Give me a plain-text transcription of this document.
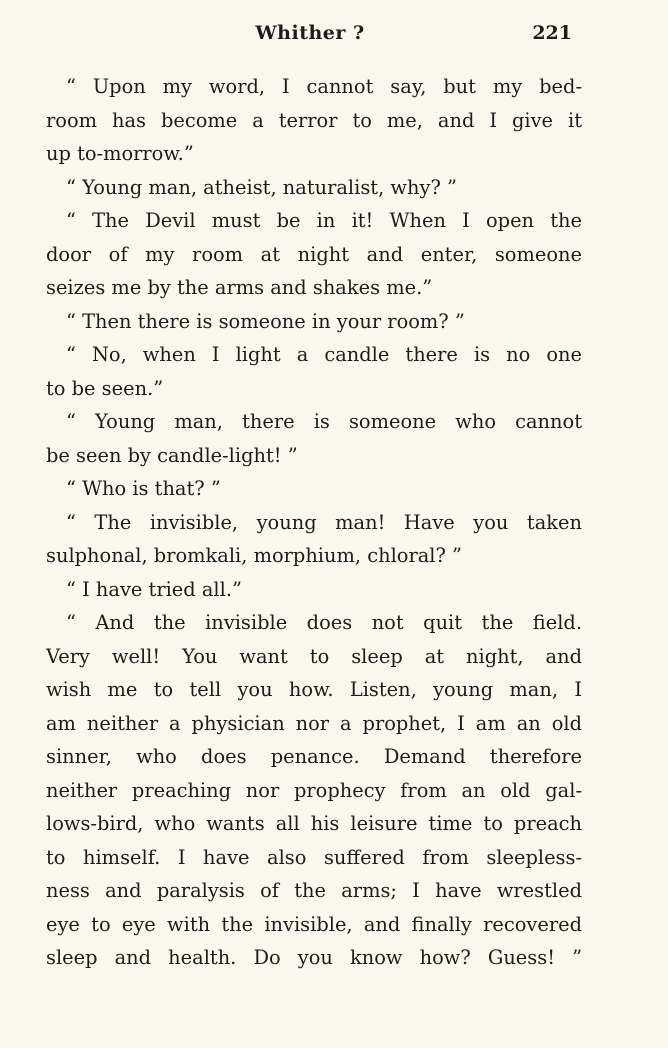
Whither ?	221
“ Upon my word, I cannot say, but my bed-
room has become a terror to me, and I give it
up to-morrow.”
“ Young man, atheist, naturalist, why? ”
“ The Devil must be in it! When I open the
door of my room at night and enter, someone
seizes me by the arms and shakes me.”
“ Then there is someone in your room? ”
“ No, when I light a candle there is no one
to be seen.”
“ Young man, there is someone who cannot
be seen by candle-light! ”
“ Who is that? ”
“ The invisible, young man! Have you taken
sulphonal, bromkali, morphium, chloral? ”
“ I have tried all.”
“ And the invisible does not quit the field.
Very well! You want to sleep at night, and
wish me to tell you how. Listen, young man, I
am neither a physician nor a prophet, I am an old
sinner, who does penance. Demand therefore
neither preaching nor prophecy from an old gal-
lows-bird, who wants all his leisure time to preach
to himself. I have also suffered from sleepless-
ness and paralysis of the arms; I have wrestled
eye to eye with the invisible, and finally recovered
sleep and health. Do you know how? Guess! ”
